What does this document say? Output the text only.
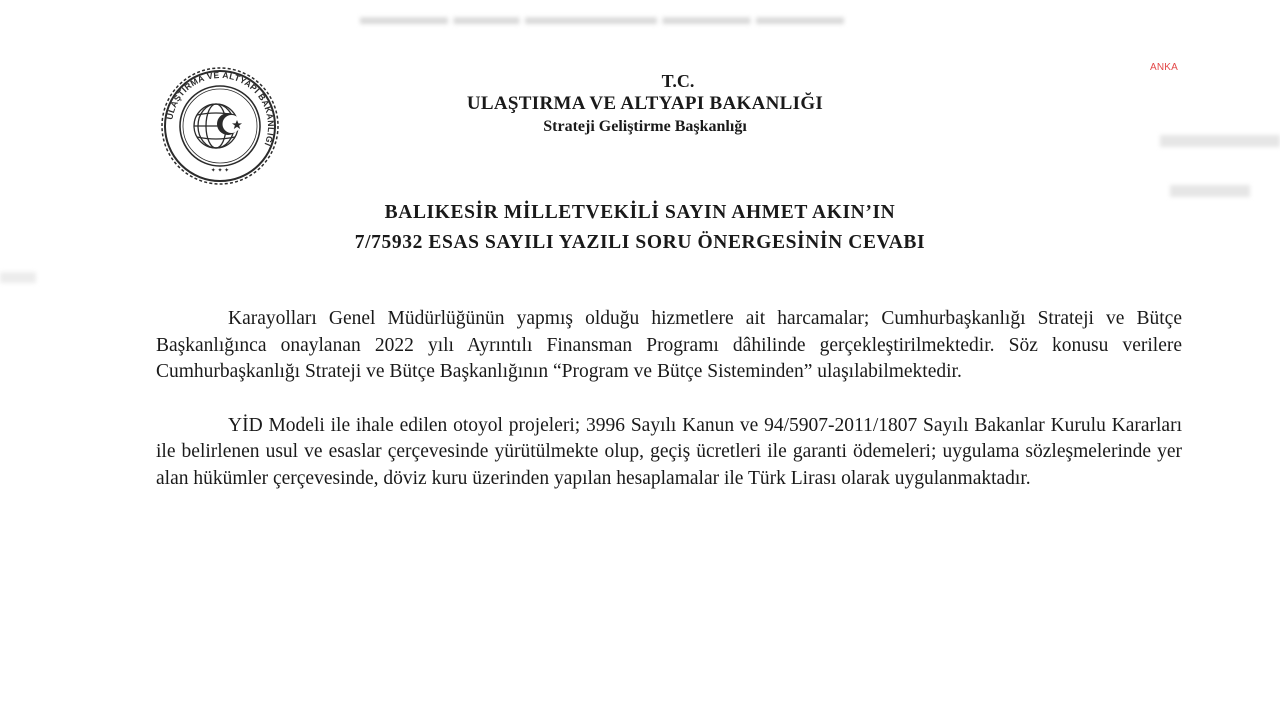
▬▬▬▬ ▬▬▬ ▬▬▬▬▬▬ ▬▬▬▬ ▬▬▬▬
▬▬▬
▬▬
▬
ANKA
ULAŞTIRMA VE ALTYAPI BAKANLIĞI
✦ ✦ ✦
T.C.
ULAŞTIRMA VE ALTYAPI BAKANLIĞI
Strateji Geliştirme Başkanlığı
BALIKESİR MİLLETVEKİLİ SAYIN AHMET AKIN’IN
7/75932 ESAS SAYILI YAZILI SORU ÖNERGESİNİN CEVABI

Karayolları Genel Müdürlüğünün yapmış olduğu hizmetlere ait harcamalar; Cumhurbaşkanlığı Strateji ve Bütçe Başkanlığınca onaylanan 2022 yılı Ayrıntılı Finansman Programı dâhilinde gerçekleştirilmektedir. Söz konusu verilere Cumhurbaşkanlığı Strateji ve Bütçe Başkanlığının “Program ve Bütçe Sisteminden” ulaşılabilmektedir.

YİD Modeli ile ihale edilen otoyol projeleri; 3996 Sayılı Kanun ve 94/5907-2011/1807 Sayılı Bakanlar Kurulu Kararları ile belirlenen usul ve esaslar çerçevesinde yürütülmekte olup, geçiş ücretleri ile garanti ödemeleri; uygulama sözleşmelerinde yer alan hükümler çerçevesinde, döviz kuru üzerinden yapılan hesaplamalar ile Türk Lirası olarak uygulanmaktadır.
